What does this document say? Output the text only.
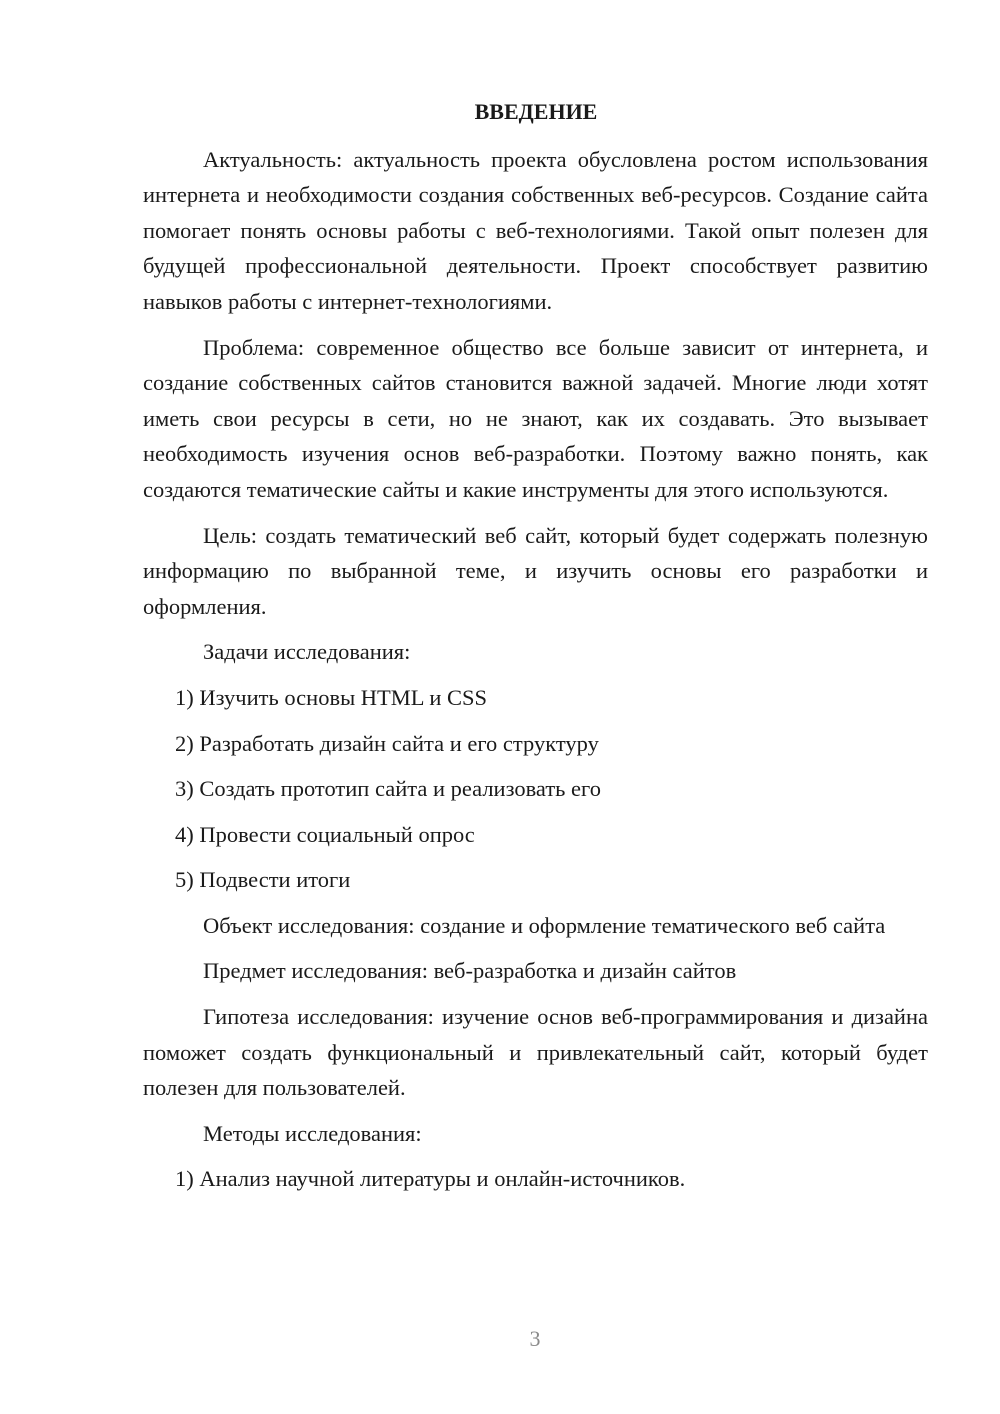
ВВЕДЕНИЕ

Актуальность: актуальность проекта обусловлена ростом использования интернета и необходимости создания собственных веб-ресурсов. Создание сайта помогает понять основы работы с веб-технологиями. Такой опыт полезен для будущей профессиональной деятельности. Проект способствует развитию навыков работы с интернет-технологиями.

Проблема: современное общество все больше зависит от интернета, и создание собственных сайтов становится важной задачей. Многие люди хотят иметь свои ресурсы в сети, но не знают, как их создавать. Это вызывает необходимость изучения основ веб-разработки. Поэтому важно понять, как создаются тематические сайты и какие инструменты для этого используются.

Цель: создать тематический веб сайт, который будет содержать полезную информацию по выбранной теме, и изучить основы его разработки и оформления.

Задачи исследования:

1) Изучить основы HTML и CSS

2) Разработать дизайн сайта и его структуру

3) Создать прототип сайта и реализовать его

4) Провести социальный опрос

5) Подвести итоги

Объект исследования: создание и оформление тематического веб сайта

Предмет исследования: веб-разработка и дизайн сайтов

Гипотеза исследования: изучение основ веб-программирования и дизайна поможет создать функциональный и привлекательный сайт, который будет полезен для пользователей.

Методы исследования:

1) Анализ научной литературы и онлайн-источников.

3
